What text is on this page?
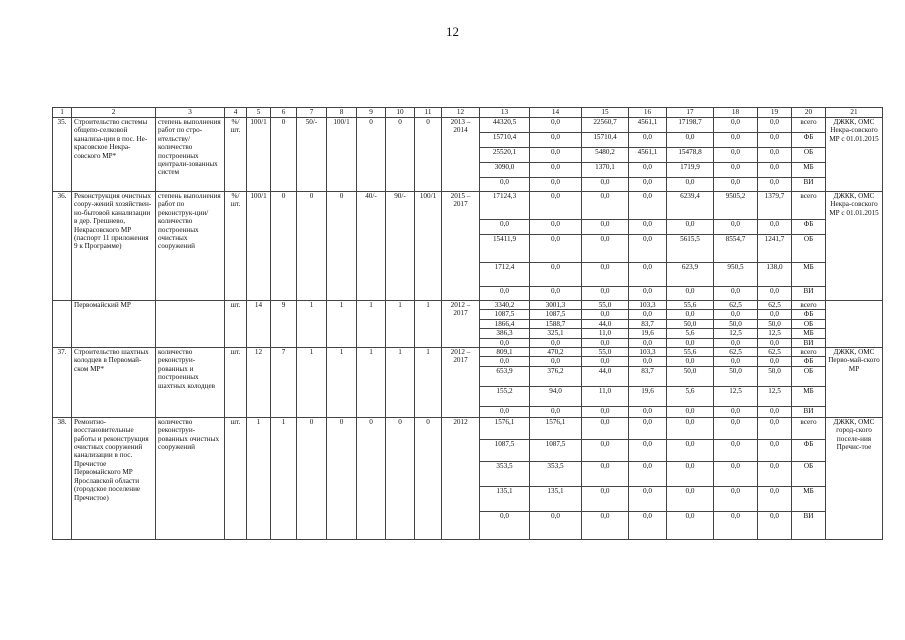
12
1	2	3	4	5	6	7	8	9	10	11	12	13	14	15	16	17	18	19	20	21
35.	Строительство системы общепо-селковой канализа-ции в пос. Не-красовское Некра-совского МР*	степень выполнения работ по стро-ительству/ количество построенных централи-зованных систем	%/ шт.	100/1	0	50/-	100/1	0	0	0	2013 – 2014	44320,5	0,0	22560,7	4561,1	17198,7	0,0	0,0	всего	ДЖКК, ОМС Некра-совского МР с 01.01.2015
												15710,4	0,0	15710,4	0,0	0,0	0,0	0,0	ФБ	
												25520,1	0,0	5480,2	4561,1	15478,8	0,0	0,0	ОБ	
												3090,0	0,0	1370,1	0,0	1719,9	0,0	0,0	МБ	
												0,0	0,0	0,0	0,0	0,0	0,0	0,0	ВИ	
36.	Реконструкция очистных соору-жений хозяйствен-но-бытовой канализации в дер. Грешнево, Некрасовского МР (паспорт 11 приложения 9 к Программе)	степень выполнения работ по реконструк-ции/ количество построенных очистных сооружений	%/ шт.	100/1	0	0	0	40/-	90/-	100/1	2015 – 2017	17124,3	0,0	0,0	0,0	6239,4	9505,2	1379,7	всего	ДЖКК, ОМС Некра-совского МР с 01.01.2015
												0,0	0,0	0,0	0,0	0,0	0,0	0,0	ФБ	
												15411,9	0,0	0,0	0,0	5615,5	8554,7	1241,7	ОБ	
												1712,4	0,0	0,0	0,0	623,9	950,5	138,0	МБ	
												0,0	0,0	0,0	0,0	0,0	0,0	0,0	ВИ	
	Первомайский МР		шт.	14	9	1	1	1	1	1	2012 – 2017	3340,2	3001,3	55,0	103,3	55,6	62,5	62,5	всего	
												1087,5	1087,5	0,0	0,0	0,0	0,0	0,0	ФБ	
												1866,4	1588,7	44,0	83,7	50,0	50,0	50,0	ОБ	
												386,3	325,1	11,0	19,6	5,6	12,5	12,5	МБ	
												0,0	0,0	0,0	0,0	0,0	0,0	0,0	ВИ	
37.	Строительство шахтных колодцев в Первомай-ском МР*	количество реконструи-рованных и построенных шахтных колодцев	шт.	12	7	1	1	1	1	1	2012 – 2017	809,1	470,2	55,0	103,3	55,6	62,5	62,5	всего	ДЖКК, ОМС Перво-май-ского МР
												0,0	0,0	0,0	0,0	0,0	0,0	0,0	ФБ	
												653,9	376,2	44,0	83,7	50,0	50,0	50,0	ОБ	
												155,2	94,0	11,0	19,6	5,6	12,5	12,5	МБ	
												0,0	0,0	0,0	0,0	0,0	0,0	0,0	ВИ	
38.	Ремонтно-восстановительные работы и реконструкция очистных сооружений канализации в пос. Пречистое Первомайского МР Ярославской области (городское поселение Пречистое)	количество реконструи-рованных очистных сооружений	шт.	1	1	0	0	0	0	0	2012	1576,1	1576,1	0,0	0,0	0,0	0,0	0,0	всего	ДЖКК, ОМС город-ского поселе-ния Пречис-тое
												1087,5	1087,5	0,0	0,0	0,0	0,0	0,0	ФБ	
												353,5	353,5	0,0	0,0	0,0	0,0	0,0	ОБ	
												135,1	135,1	0,0	0,0	0,0	0,0	0,0	МБ	
												0,0	0,0	0,0	0,0	0,0	0,0	0,0	ВИ	
